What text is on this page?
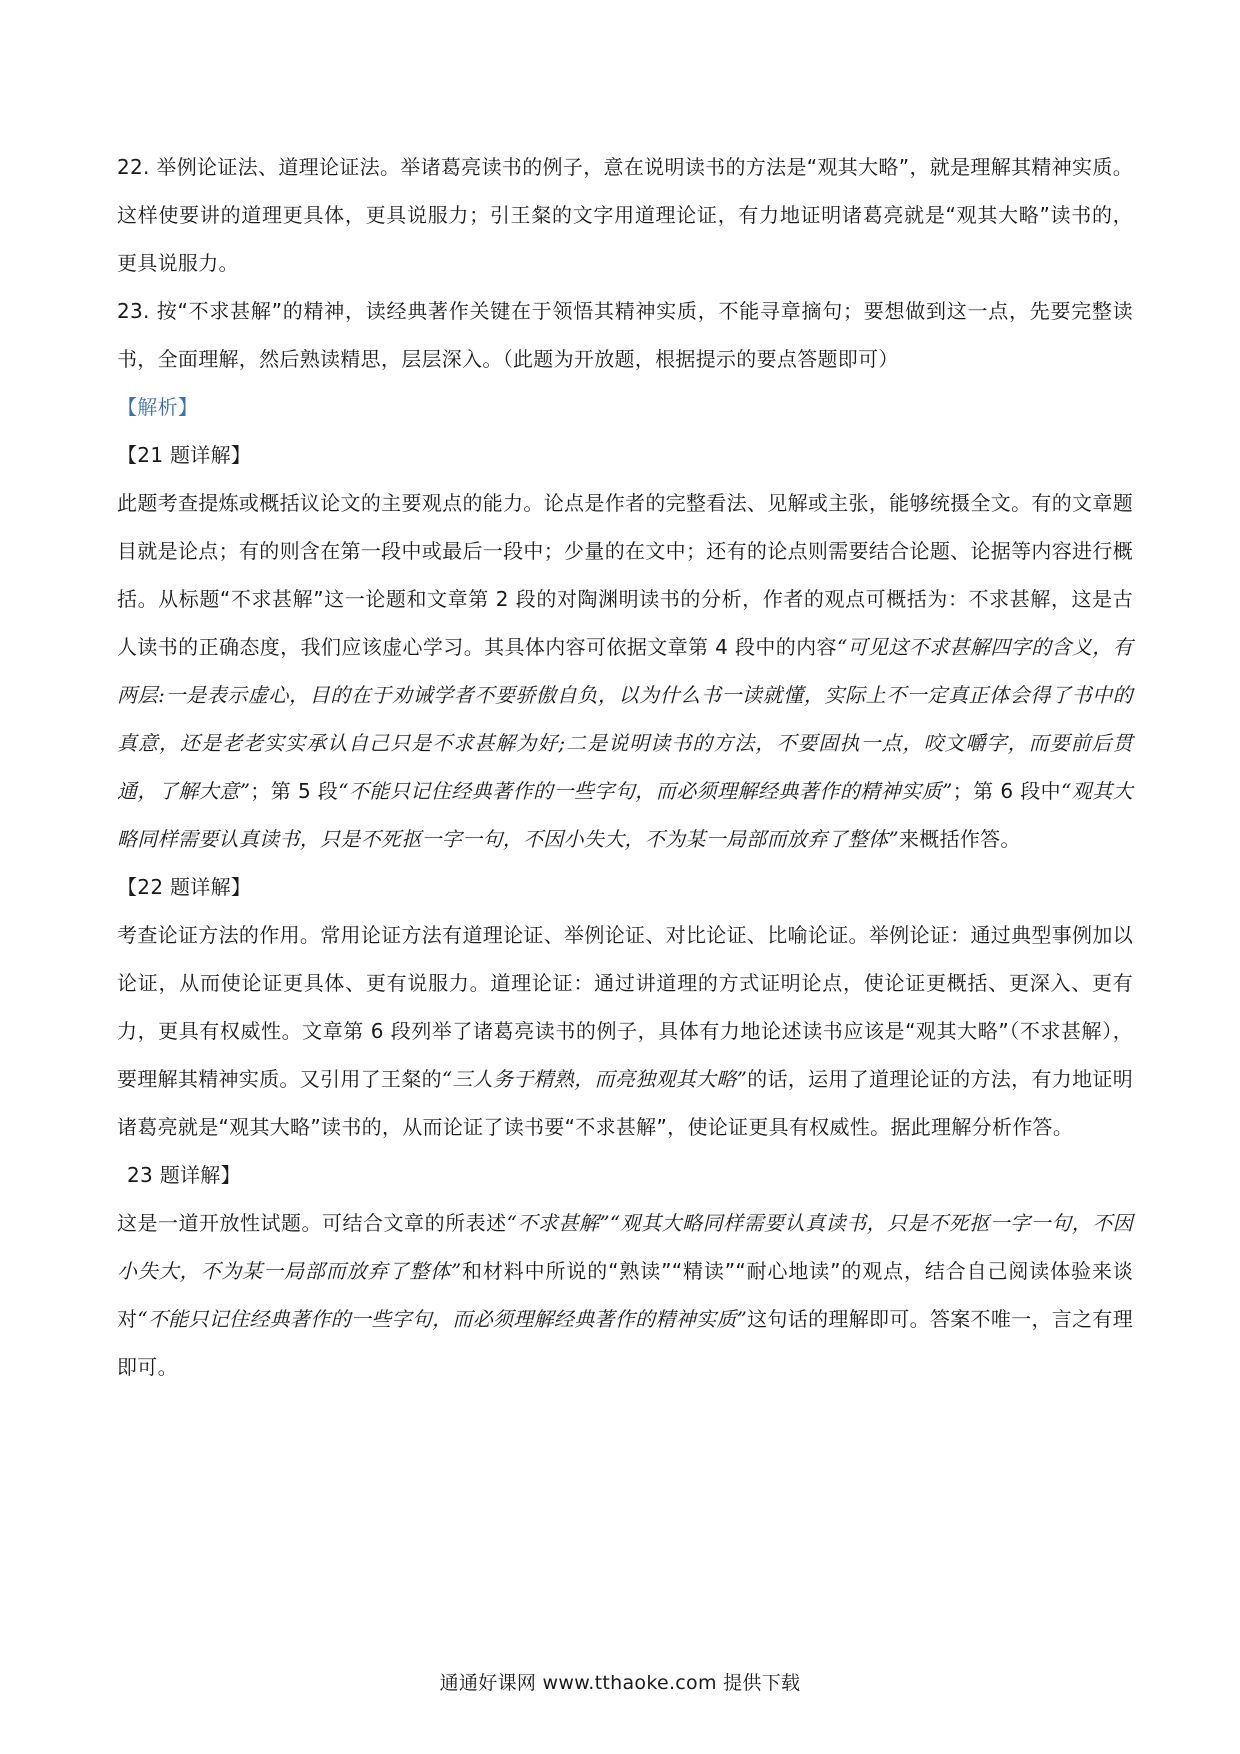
22. 举例论证法、道理论证法。举诸葛亮读书的例子，意在说明读书的方法是“观其大略”，就是理解其精神实质。这样使要讲的道理更具体，更具说服力；引王粲的文字用道理论证，有力地证明诸葛亮就是“观其大略”读书的，更具说服力。

23. 按“不求甚解”的精神，读经典著作关键在于领悟其精神实质，不能寻章摘句；要想做到这一点，先要完整读书，全面理解，然后熟读精思，层层深入。（此题为开放题，根据提示的要点答题即可）

【解析】

【21 题详解】

此题考查提炼或概括议论文的主要观点的能力。论点是作者的完整看法、见解或主张，能够统摄全文。有的文章题目就是论点；有的则含在第一段中或最后一段中；少量的在文中；还有的论点则需要结合论题、论据等内容进行概括。从标题“不求甚解”这一论题和文章第 2 段的对陶渊明读书的分析，作者的观点可概括为：不求甚解，这是古人读书的正确态度，我们应该虚心学习。其具体内容可依据文章第 4 段中的内容“可见这不求甚解四字的含义，有两层:一是表示虚心，目的在于劝诫学者不要骄傲自负，以为什么书一读就懂，实际上不一定真正体会得了书中的真意，还是老老实实承认自己只是不求甚解为好;二是说明读书的方法，不要固执一点，咬文嚼字，而要前后贯通，了解大意”；第 5 段“不能只记住经典著作的一些字句，而必须理解经典著作的精神实质”；第 6 段中“观其大略同样需要认真读书，只是不死抠一字一句，不因小失大，不为某一局部而放弃了整体”来概括作答。

【22 题详解】

考查论证方法的作用。常用论证方法有道理论证、举例论证、对比论证、比喻论证。举例论证：通过典型事例加以论证，从而使论证更具体、更有说服力。道理论证：通过讲道理的方式证明论点，使论证更概括、更深入、更有力，更具有权威性。文章第 6 段列举了诸葛亮读书的例子，具体有力地论述读书应该是“观其大略”（不求甚解），要理解其精神实质。又引用了王粲的“三人务于精熟，而亮独观其大略”的话，运用了道理论证的方法，有力地证明诸葛亮就是“观其大略”读书的，从而论证了读书要“不求甚解”，使论证更具有权威性。据此理解分析作答。

23 题详解】

这是一道开放性试题。可结合文章的所表述“不求甚解”“观其大略同样需要认真读书，只是不死抠一字一句，不因小失大，不为某一局部而放弃了整体”和材料中所说的“熟读”“精读”“耐心地读”的观点，结合自己阅读体验来谈对“不能只记住经典著作的一些字句，而必须理解经典著作的精神实质”这句话的理解即可。答案不唯一，言之有理即可。

通通好课网 www.tthaoke.com 提供下载
